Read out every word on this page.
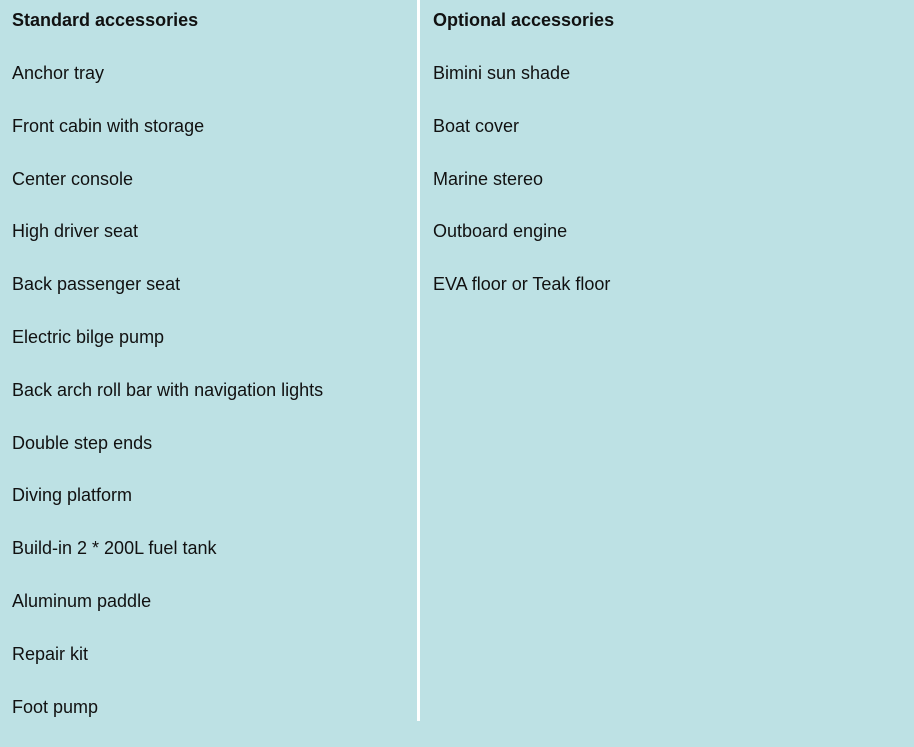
Standard accessories
Anchor tray
Front cabin with storage
Center console
High driver seat
Back passenger seat
Electric bilge pump
Back arch roll bar with navigation lights
Double step ends
Diving platform
Build-in 2 * 200L fuel tank
Aluminum paddle
Repair kit
Foot pump
Optional accessories
Bimini sun shade
Boat cover
Marine stereo
Outboard engine
EVA floor or Teak floor
